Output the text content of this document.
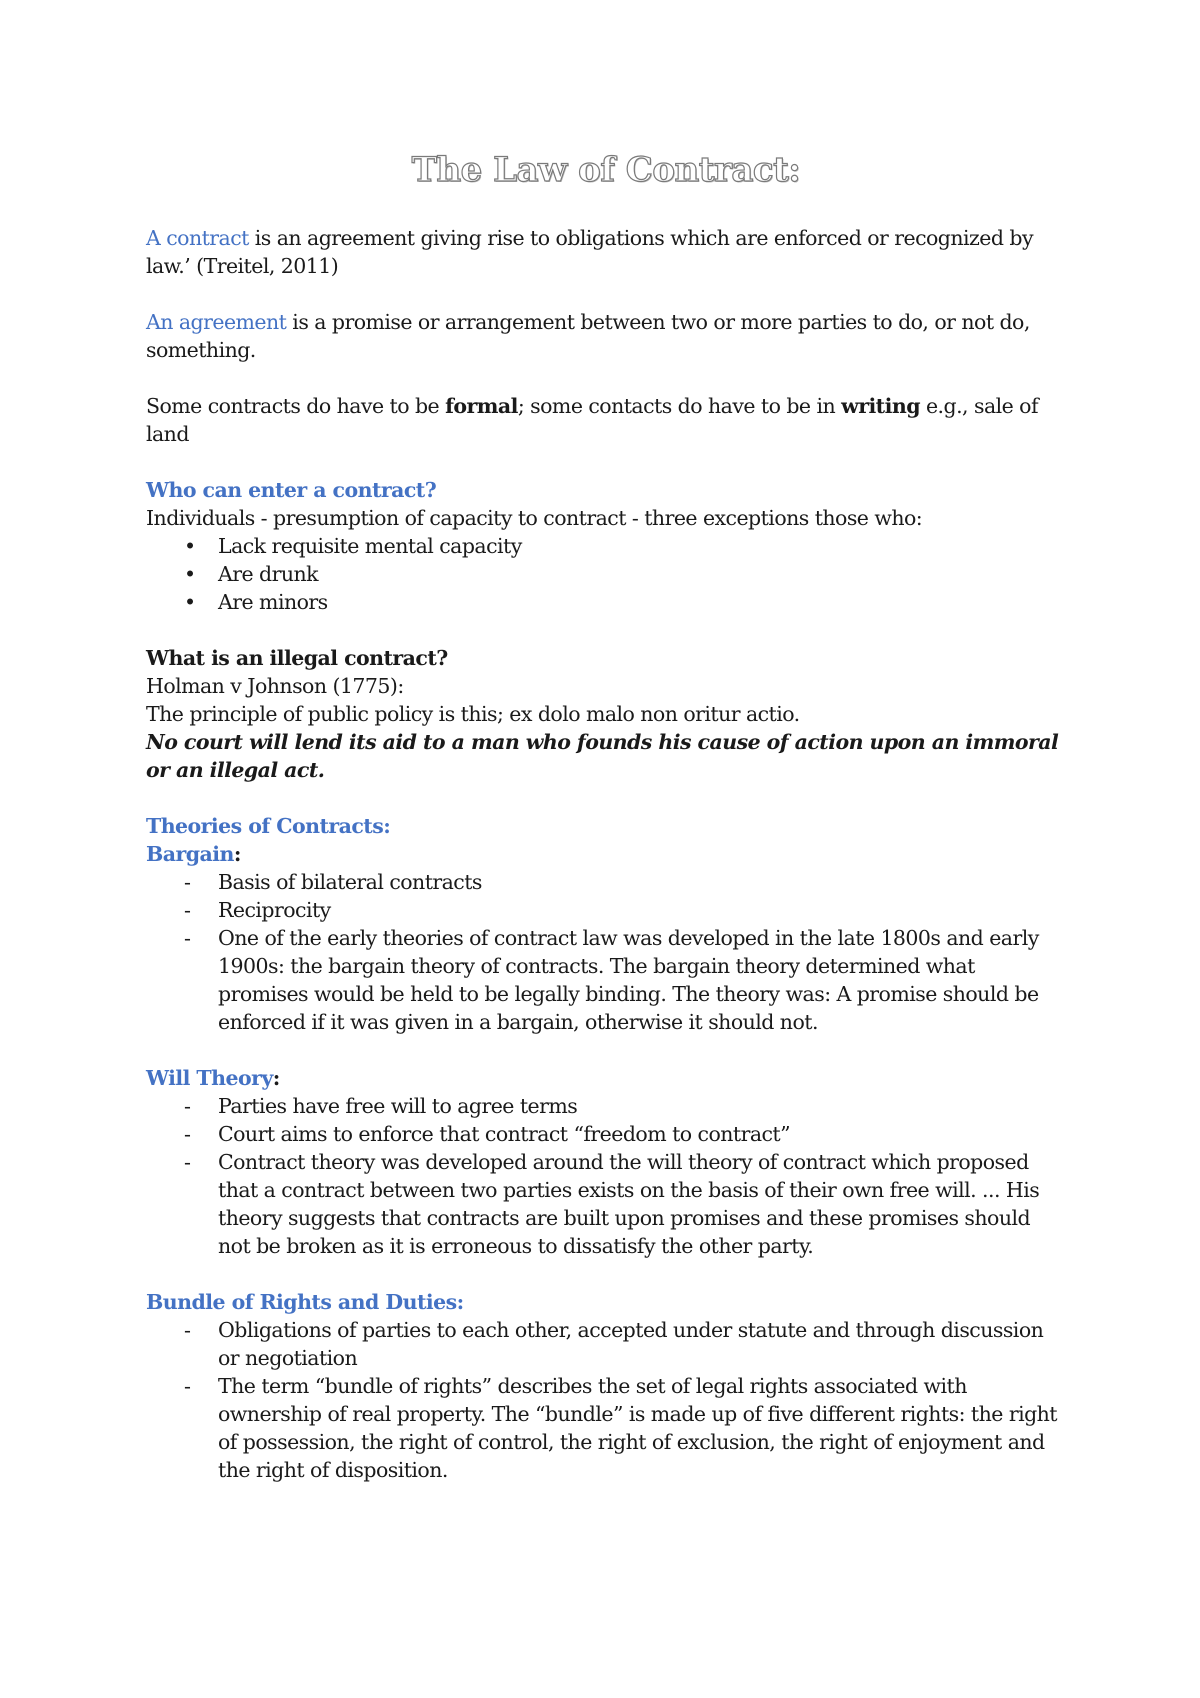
The Law of Contract:

A contract is an agreement giving rise to obligations which are enforced or recognized by law.’ (Treitel, 2011)

An agreement is a promise or arrangement between two or more parties to do, or not do, something.

Some contracts do have to be formal; some contacts do have to be in writing e.g., sale of land

Who can enter a contract?

Individuals - presumption of capacity to contract - three exceptions those who:

• Lack requisite mental capacity
• Are drunk
• Are minors

What is an illegal contract?

Holman v Johnson (1775):

The principle of public policy is this; ex dolo malo non oritur actio.

No court will lend its aid to a man who founds his cause of action upon an immoral or an illegal act.

Theories of Contracts:

Bargain:

- Basis of bilateral contracts
- Reciprocity
- One of the early theories of contract law was developed in the late 1800s and early 1900s: the bargain theory of contracts. The bargain theory determined what promises would be held to be legally binding. The theory was: A promise should be enforced if it was given in a bargain, otherwise it should not.

Will Theory:

- Parties have free will to agree terms
- Court aims to enforce that contract “freedom to contract”
- Contract theory was developed around the will theory of contract which proposed that a contract between two parties exists on the basis of their own free will. ... His theory suggests that contracts are built upon promises and these promises should not be broken as it is erroneous to dissatisfy the other party.

Bundle of Rights and Duties:

- Obligations of parties to each other, accepted under statute and through discussion or negotiation
- The term “bundle of rights” describes the set of legal rights associated with ownership of real property. The “bundle” is made up of five different rights: the right of possession, the right of control, the right of exclusion, the right of enjoyment and the right of disposition.
